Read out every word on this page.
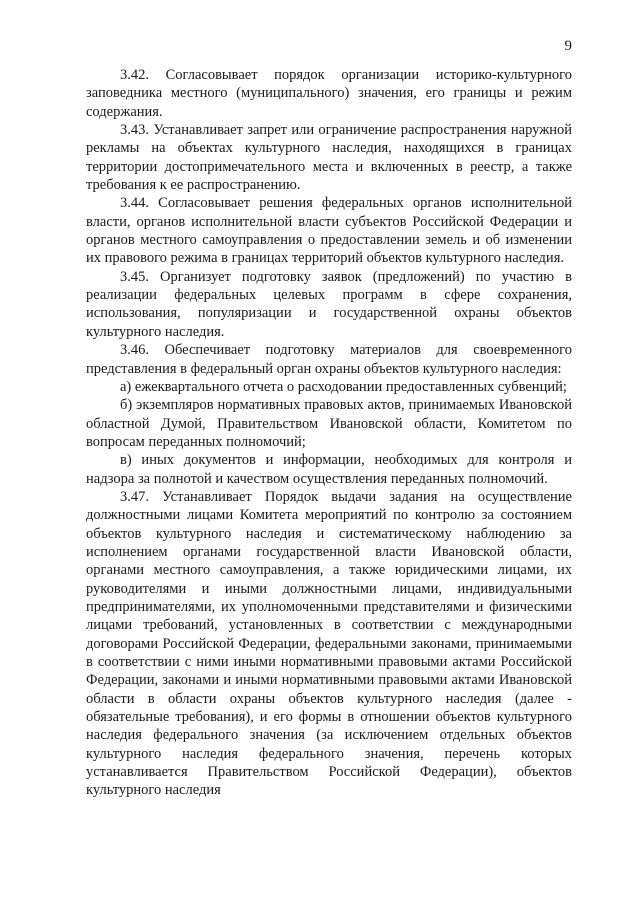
9

3.42. Согласовывает порядок организации историко-культурного заповедника местного (муниципального) значения, его границы и режим содержания.

3.43. Устанавливает запрет или ограничение распространения наружной рекламы на объектах культурного наследия, находящихся в границах территории достопримечательного места и включенных в реестр, а также требования к ее распространению.

3.44. Согласовывает решения федеральных органов исполнительной власти, органов исполнительной власти субъектов Российской Федерации и органов местного самоуправления о предоставлении земель и об изменении их правового режима в границах территорий объектов культурного наследия.

3.45. Организует подготовку заявок (предложений) по участию в реализации федеральных целевых программ в сфере сохранения, использования, популяризации и государственной охраны объектов культурного наследия.

3.46. Обеспечивает подготовку материалов для своевременного представления в федеральный орган охраны объектов культурного наследия:

а) ежеквартального отчета о расходовании предоставленных субвенций;

б) экземпляров нормативных правовых актов, принимаемых Ивановской областной Думой, Правительством Ивановской области, Комитетом по вопросам переданных полномочий;

в) иных документов и информации, необходимых для контроля и надзора за полнотой и качеством осуществления переданных полномочий.

3.47. Устанавливает Порядок выдачи задания на осуществление должностными лицами Комитета мероприятий по контролю за состоянием объектов культурного наследия и систематическому наблюдению за исполнением органами государственной власти Ивановской области, органами местного самоуправления, а также юридическими лицами, их руководителями и иными должностными лицами, индивидуальными предпринимателями, их уполномоченными представителями и физическими лицами требований, установленных в соответствии с международными договорами Российской Федерации, федеральными законами, принимаемыми в соответствии с ними иными нормативными правовыми актами Российской Федерации, законами и иными нормативными правовыми актами Ивановской области в области охраны объектов культурного наследия (далее - обязательные требования), и его формы в отношении объектов культурного наследия федерального значения (за исключением отдельных объектов культурного наследия федерального значения, перечень которых устанавливается Правительством Российской Федерации), объектов культурного наследия
